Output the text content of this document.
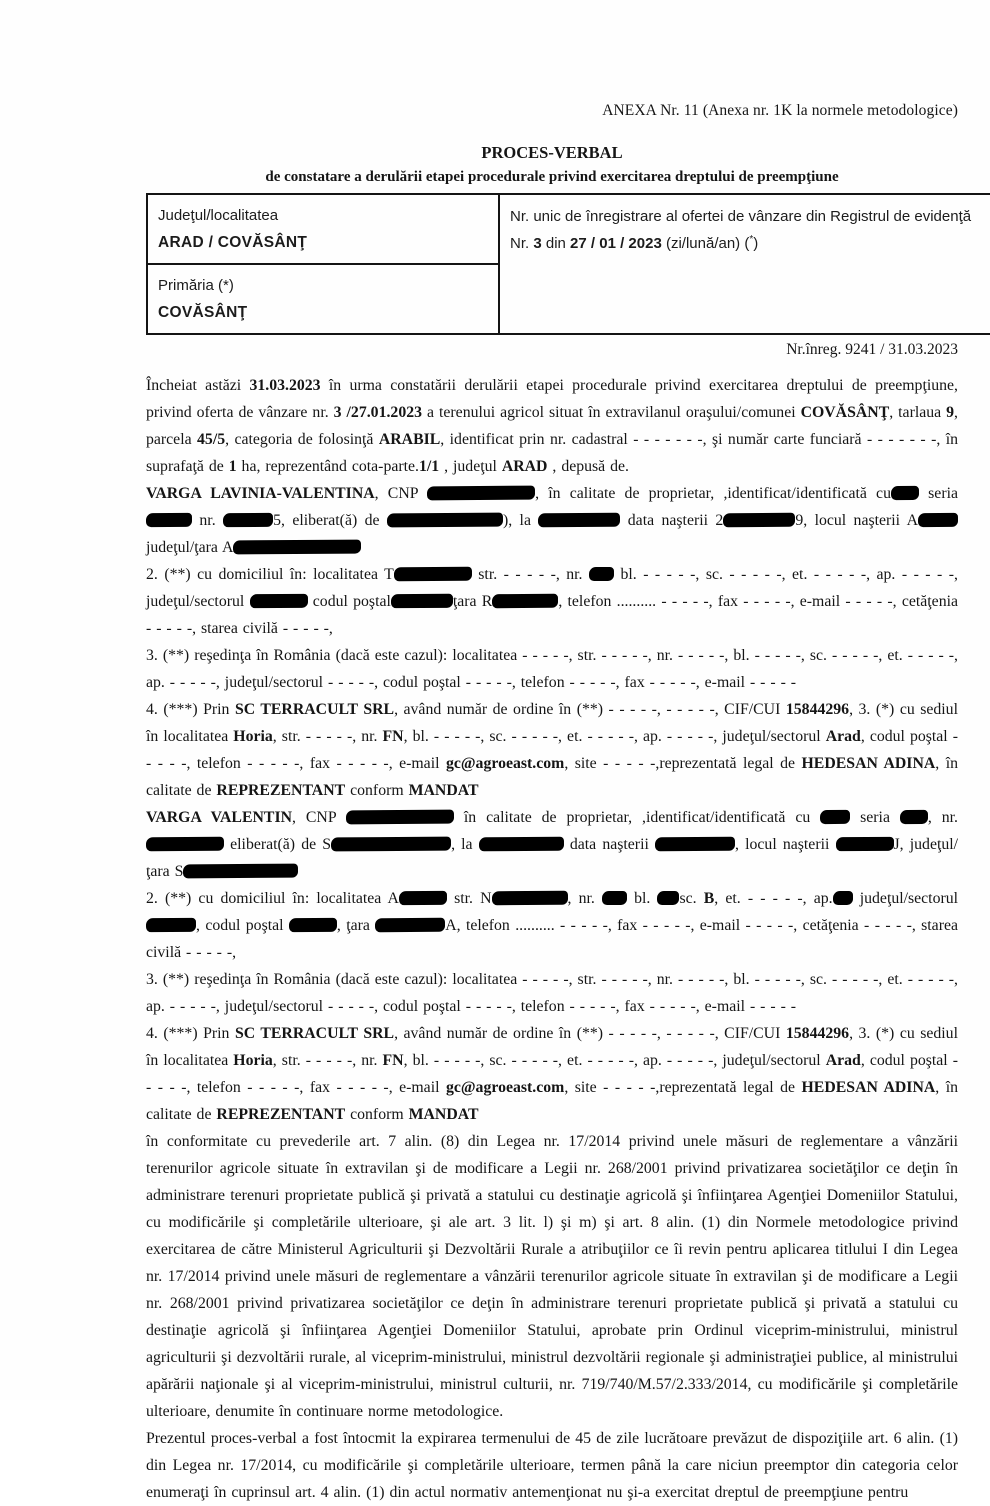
ANEXA Nr. 11 (Anexa nr. 1K la normele metodologice)
PROCES-VERBAL
de constatare a derulării etapei procedurale privind exercitarea dreptului de preempţiune
Judeţul/localitatea
ARAD / COVĂSÂNŢ

Nr. unic de înregistrare al ofertei de vânzare din Registrul de evidenţă
Nr. 3 din 27 / 01 / 2023 (zi/lună/an) (*)

Primăria (*)
COVĂSÂNŢ
Nr.înreg. 9241 / 31.03.2023

Încheiat astăzi 31.03.2023 în urma constatării derulării etapei procedurale privind exercitarea dreptului de preempţiune, privind oferta de vânzare nr. 3 /27.01.2023 a terenului agricol situat în extravilanul oraşului/comunei COVĂSÂNŢ, tarlaua 9, parcela 45/5, categoria de folosinţă ARABIL, identificat prin nr. cadastral - - - - - - -, şi număr carte funciară - - - - - - -, în suprafaţă de 1 ha, reprezentând cota-parte.1/1 , judeţul ARAD , depusă de.

VARGA LAVINIA-VALENTINA, CNP	, în calitate de proprietar, ,identificat/identificată cu seria  nr.	5, eliberat(ă) de	), la	data naşterii 2	9, locul naşterii A judeţul/ţara A

2. (**) cu domiciliul în: localitatea T	str. - - - - -, nr.  bl. - - - - -, sc. - - - - -, et. - - - - -, ap. - - - - -, judeţul/sectorul	codul poştal	ţara R	, telefon .......... - - - - -, fax - - - - -, e-mail - - - - -, cetăţenia - - - - -, starea civilă - - - - -,

3. (**) reşedinţa în România (dacă este cazul): localitatea - - - - -, str. - - - - -, nr. - - - - -, bl. - - - - -, sc. - - - - -, et. - - - - -, ap. - - - - -, judeţul/sectorul - - - - -, codul poştal - - - - -, telefon - - - - -, fax - - - - -, e-mail - - - - -

4. (***) Prin SC TERRACULT SRL, având număr de ordine în (**) - - - - -, - - - - -, CIF/CUI 15844296, 3. (*) cu sediul în localitatea Horia, str. - - - - -, nr. FN, bl. - - - - -, sc. - - - - -, et. - - - - -, ap. - - - - -, judeţul/sectorul Arad, codul poştal - - - - -, telefon - - - - -, fax - - - - -, e-mail gc@agroeast.com, site - - - - -,reprezentată legal de HEDESAN ADINA, în calitate de REPREZENTANT conform MANDAT

VARGA VALENTIN, CNP	în calitate de proprietar, ,identificat/identificată cu  seria , nr.  eliberat(ă) de S	, la	data naşterii	, locul naşterii	J, judeţul/ţara S

2. (**) cu domiciliul în: localitatea A	str. N	, nr.  bl. sc. B, et. - - - - -, ap. judeţul/sectorul , codul poştal	, ţara	A, telefon .......... - - - - -, fax - - - - -, e-mail - - - - -, cetăţenia - - - - -, starea civilă - - - - -,

3. (**) reşedinţa în România (dacă este cazul): localitatea - - - - -, str. - - - - -, nr. - - - - -, bl. - - - - -, sc. - - - - -, et. - - - - -, ap. - - - - -, judeţul/sectorul - - - - -, codul poştal - - - - -, telefon - - - - -, fax - - - - -, e-mail - - - - -

4. (***) Prin SC TERRACULT SRL, având număr de ordine în (**) - - - - -, - - - - -, CIF/CUI 15844296, 3. (*) cu sediul în localitatea Horia, str. - - - - -, nr. FN, bl. - - - - -, sc. - - - - -, et. - - - - -, ap. - - - - -, judeţul/sectorul Arad, codul poştal - - - - -, telefon - - - - -, fax - - - - -, e-mail gc@agroeast.com, site - - - - -,reprezentată legal de HEDESAN ADINA, în calitate de REPREZENTANT conform MANDAT

în conformitate cu prevederile art. 7 alin. (8) din Legea nr. 17/2014 privind unele măsuri de reglementare a vânzării terenurilor agricole situate în extravilan şi de modificare a Legii nr. 268/2001 privind privatizarea societăţilor ce deţin în administrare terenuri proprietate publică şi privată a statului cu destinaţie agricolă şi înfiinţarea Agenţiei Domeniilor Statului, cu modificările şi completările ulterioare, şi ale art. 3 lit. l) şi m) şi art. 8 alin. (1) din Normele metodologice privind exercitarea de către Ministerul Agriculturii şi Dezvoltării Rurale a atribuţiilor ce îi revin pentru aplicarea titlului I din Legea nr. 17/2014 privind unele măsuri de reglementare a vânzării terenurilor agricole situate în extravilan şi de modificare a Legii nr. 268/2001 privind privatizarea societăţilor ce deţin în administrare terenuri proprietate publică şi privată a statului cu destinaţie agricolă şi înfiinţarea Agenţiei Domeniilor Statului, aprobate prin Ordinul viceprim-ministrului, ministrul agriculturii şi dezvoltării rurale, al viceprim-ministrului, ministrul dezvoltării regionale şi administraţiei publice, al ministrului apărării naţionale şi al viceprim-ministrului, ministrul culturii, nr. 719/740/M.57/2.333/2014, cu modificările şi completările ulterioare, denumite în continuare norme metodologice.

Prezentul proces-verbal a fost întocmit la expirarea termenului de 45 de zile lucrătoare prevăzut de dispoziţiile art. 6 alin. (1) din Legea nr. 17/2014, cu modificările şi completările ulterioare, termen până la care niciun preemptor din categoria celor enumeraţi în cuprinsul art. 4 alin. (1) din actul normativ antemenţionat nu şi-a exercitat dreptul de preempţiune pentru
